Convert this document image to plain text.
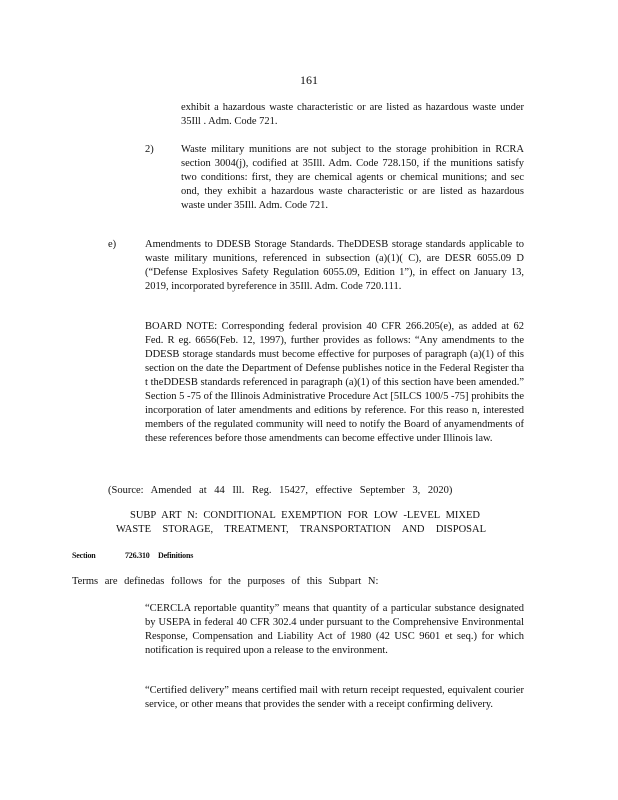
161

exhibit a hazardous waste characteristic or are listed as hazardous waste under 35Ill . Adm. Code 721.

2)	Waste military munitions are not subject to the storage prohibition in RCRA section 3004(j), codified at 35Ill. Adm. Code 728.150, if the munitions satisfy two conditions: first, they are chemical agents or chemical munitions; and sec ond, they exhibit a hazardous waste characteristic or are listed as hazardous waste under 35Ill. Adm. Code 721.

e)	Amendments to DDESB Storage Standards. TheDDESB storage standards applicable to waste military munitions, referenced in subsection (a)(1)( C), are DESR 6055.09 D (“Defense Explosives Safety Regulation 6055.09, Edition 1”), in effect on January 13, 2019, incorporated byreference in 35Ill. Adm. Code 720.111.

BOARD NOTE: Corresponding federal provision 40 CFR 266.205(e), as added at 62 Fed. R eg. 6656(Feb. 12, 1997), further provides as follows: “Any amendments to the DDESB storage standards must become effective for purposes of paragraph (a)(1) of this section on the date the Department of Defense publishes notice in the Federal Register tha t theDDESB standards referenced in paragraph (a)(1) of this section have been amended.” Section 5 -75 of the Illinois Administrative Procedure Act [5ILCS 100/5 -75] prohibits the incorporation of later amendments and editions by reference. For this reaso n, interested members of the regulated community will need to notify the Board of anyamendments of these references before those amendments can become effective under Illinois law.

(Source: Amended at 44 Ill. Reg. 15427, effective September 3, 2020)

SUBP ART N: CONDITIONAL EXEMPTION FOR LOW -LEVEL MIXED
WASTE STORAGE, TREATMENT, TRANSPORTATION AND DISPOSAL
Section	726.310 Definitions

Terms are definedas follows for the purposes of this Subpart N:

“CERCLA reportable quantity” means that quantity of a particular substance designated by USEPA in federal 40 CFR 302.4 under pursuant to the Comprehensive Environmental Response, Compensation and Liability Act of 1980 (42 USC 9601 et seq.) for which notification is required upon a release to the environment.

“Certified delivery” means certified mail with return receipt requested, equivalent courier service, or other means that provides the sender with a receipt confirming delivery.
